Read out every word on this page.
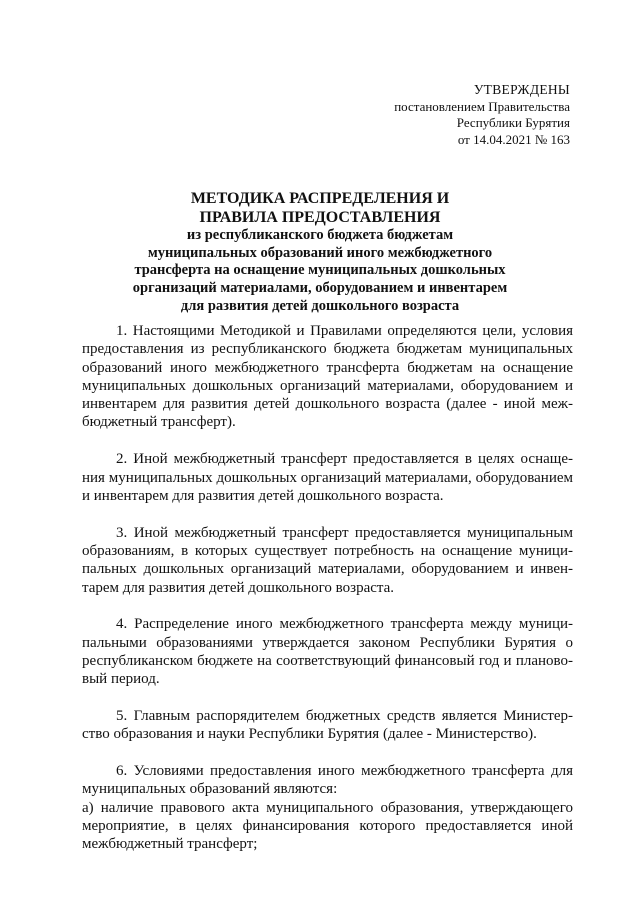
УТВЕРЖДЕНЫ
постановлением Правительства
Республики Бурятия
от 14.04.2021 № 163
МЕТОДИКА РАСПРЕДЕЛЕНИЯ И
ПРАВИЛА ПРЕДОСТАВЛЕНИЯ
из республиканского бюджета бюджетам
муниципальных образований иного межбюджетного
трансферта на оснащение муниципальных дошкольных
организаций материалами, оборудованием и инвентарем
для развития детей дошкольного возраста

1. Настоящими Методикой и Правилами определяются цели, условия предоставления из республиканского бюджета бюджетам муниципальных образований иного межбюджетного трансферта бюджетам на оснащение муниципальных дошкольных организаций материалами, оборудованием и инвентарем для развития детей дошкольного возраста (далее - иной межбюджетный трансферт).

2. Иной межбюджетный трансферт предоставляется в целях оснащения муниципальных дошкольных организаций материалами, оборудованием и инвентарем для развития детей дошкольного возраста.

3. Иной межбюджетный трансферт предоставляется муниципальным образованиям, в которых существует потребность на оснащение муниципальных дошкольных организаций материалами, оборудованием и инвентарем для развития детей дошкольного возраста.

4. Распределение иного межбюджетного трансферта между муниципальными образованиями утверждается законом Республики Бурятия о республиканском бюджете на соответствующий финансовый год и планововый период.

5. Главным распорядителем бюджетных средств является Министерство образования и науки Республики Бурятия (далее - Министерство).

6. Условиями предоставления иного межбюджетного трансферта для муниципальных образований являются:

а) наличие правового акта муниципального образования, утверждающего мероприятие, в целях финансирования которого предоставляется иной межбюджетный трансферт;
